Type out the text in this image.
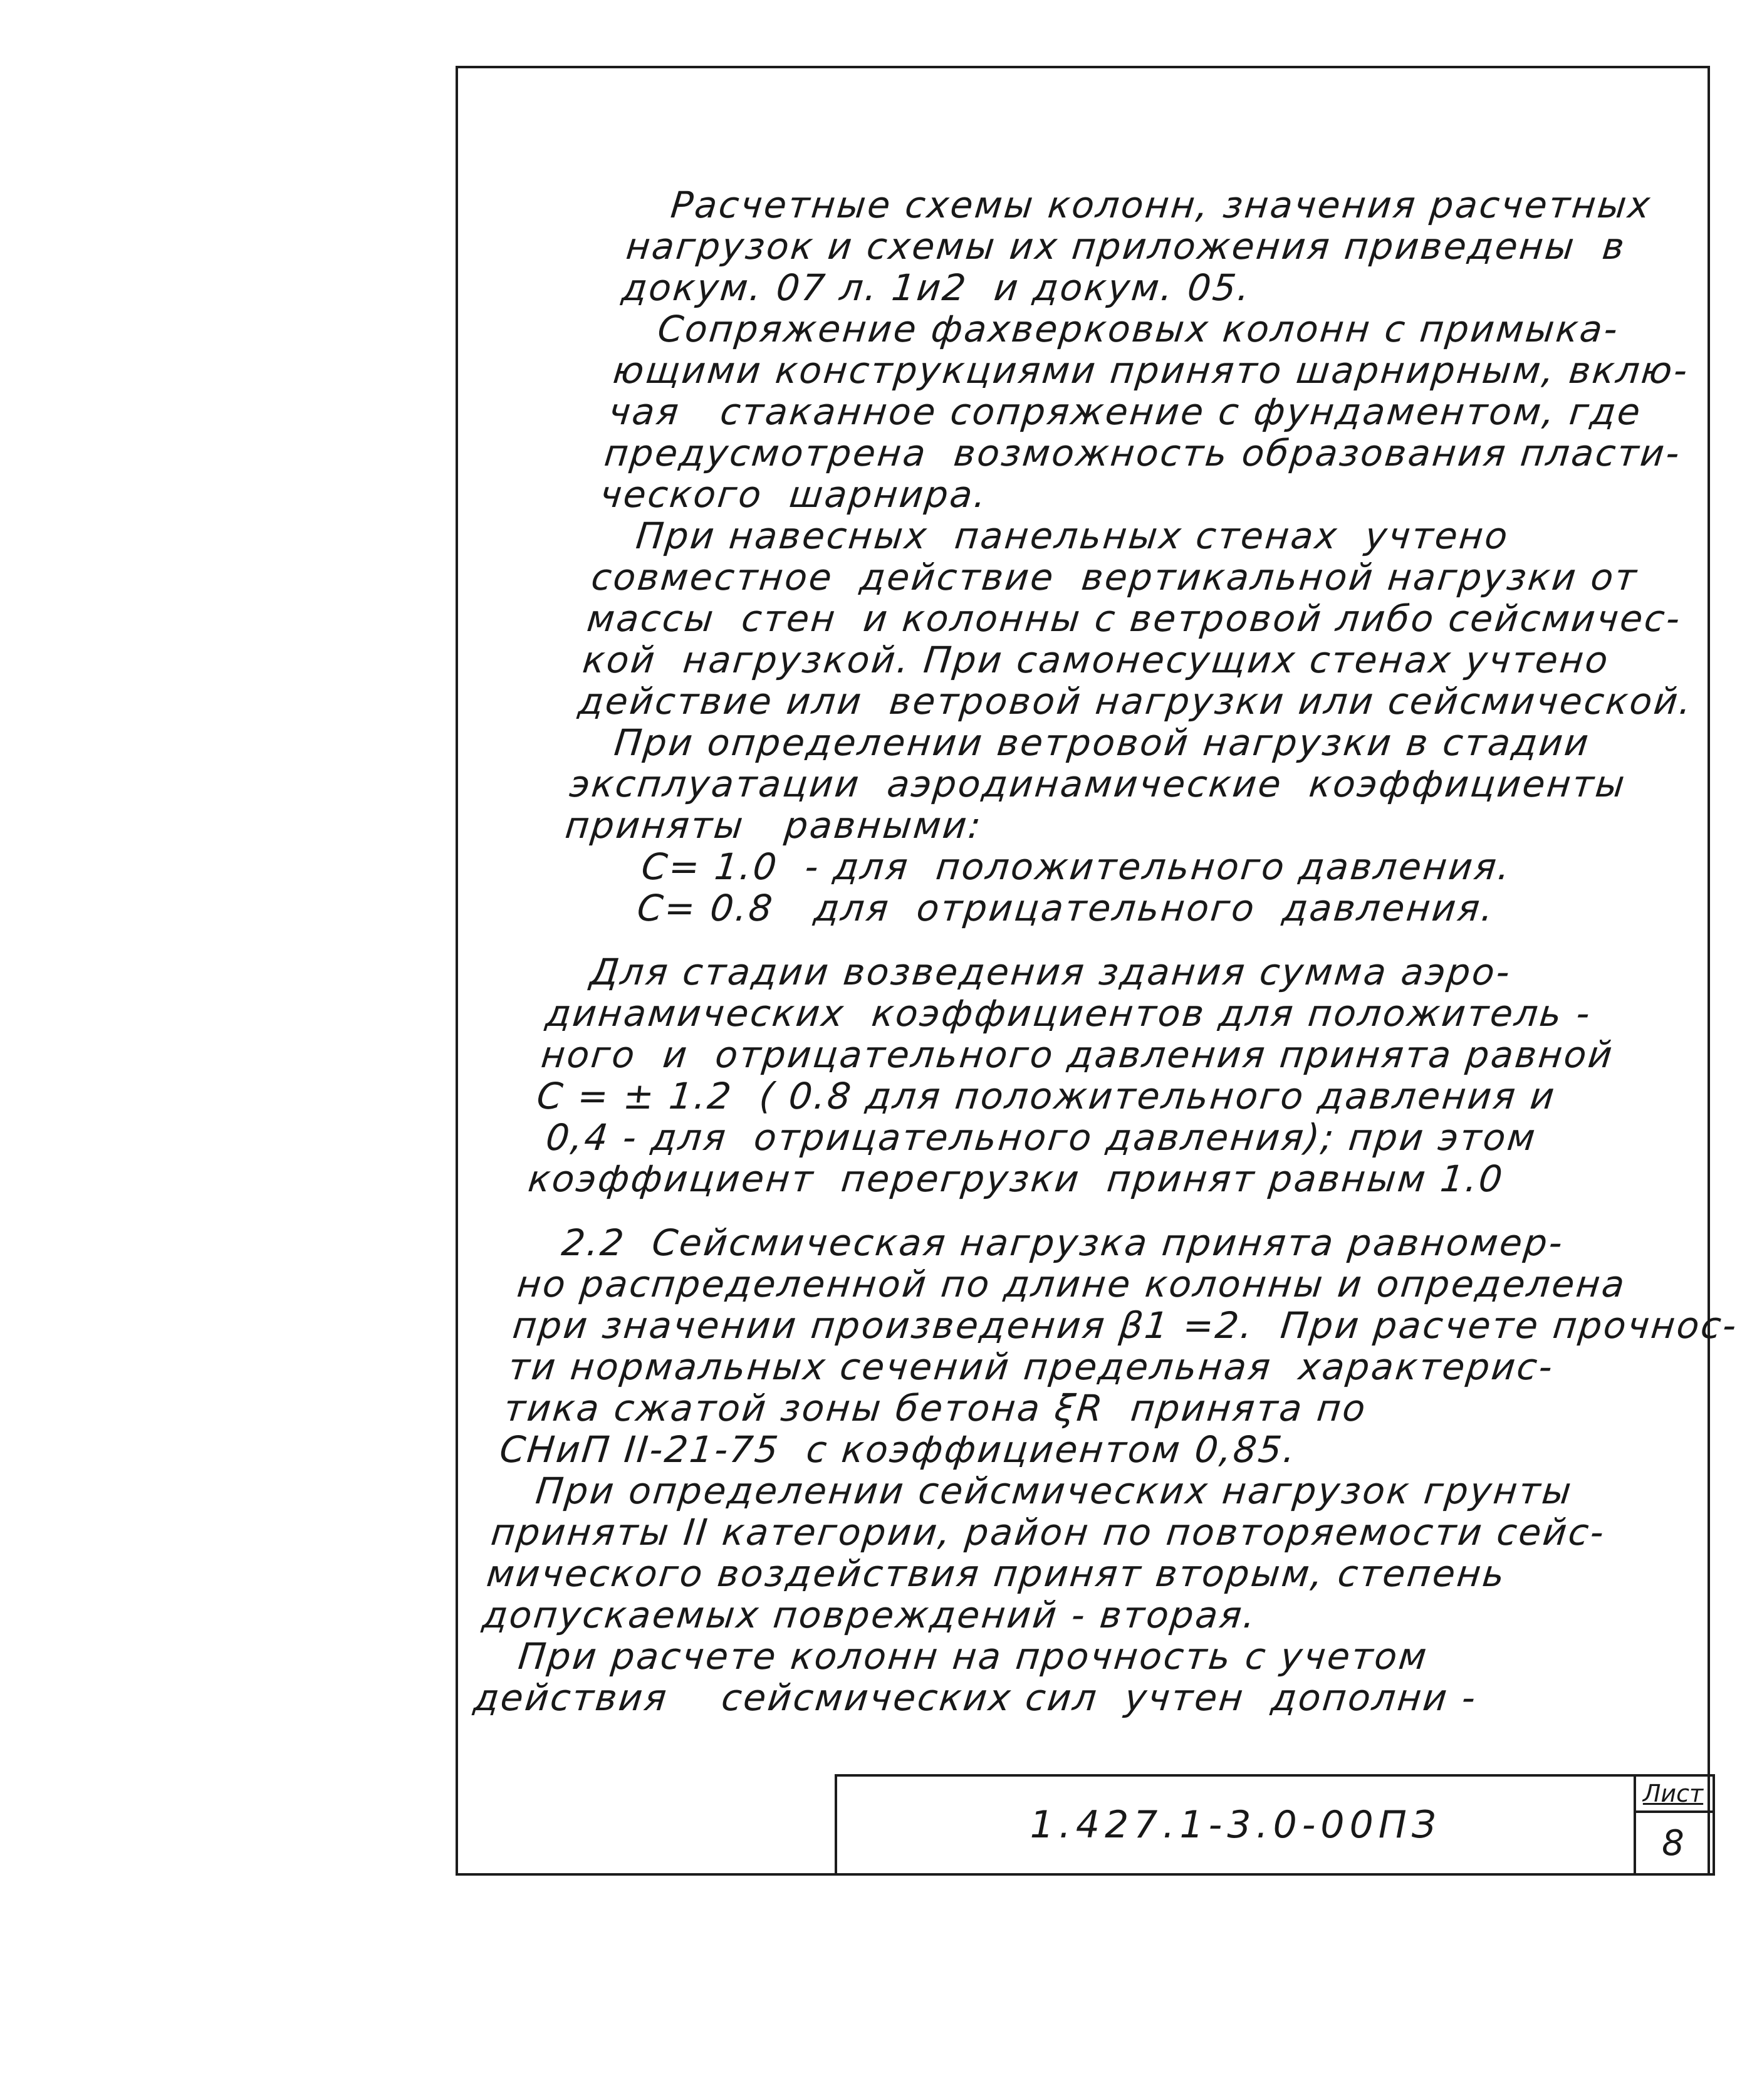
Расчетные схемы колонн, значения расчетных
нагрузок и схемы их приложения приведены  в
докум. 07 л. 1и2  и докум. 05.
Сопряжение фахверковых колонн с примыка-
ющими конструкциями принято шарнирным, вклю-
чая   стаканное сопряжение с фундаментом, где
предусмотрена  возможность образования пласти-
ческого  шарнира.
При навесных  панельных стенах  учтено
совместное  действие  вертикальной нагрузки от
массы  стен  и колонны с ветровой либо сейсмичес-
кой  нагрузкой. При самонесущих стенах учтено
действие или  ветровой нагрузки или сейсмической.
При определении ветровой нагрузки в стадии
эксплуатации  аэродинамические  коэффициенты
приняты   равными:
С= 1.0  - для  положительного давления.
С= 0.8   для  отрицательного  давления.
Для стадии возведения здания сумма аэро-
динамических  коэффициентов для положитель -
ного  и  отрицательного давления принята равной
С = ± 1.2  ( 0.8 для положительного давления и
0,4 - для  отрицательного давления); при этом
коэффициент  перегрузки  принят равным 1.0
2.2  Сейсмическая нагрузка принята равномер-
но распределенной по длине колонны и определена
при значении произведения β1 =2.  При расчете прочнос-
ти нормальных сечений предельная  характерис-
тика сжатой зоны бетона ξR  принята по
СНиП II-21-75  с коэффициентом 0,85.
При определении сейсмических нагрузок грунты
приняты II категории, район по повторяемости сейс-
мического воздействия принят вторым, степень
допускаемых повреждений - вторая.
При расчете колонн на прочность с учетом
действия    сейсмических сил  учтен  дополни -
1.427.1-3.0-00ПЗ
Лист
8
